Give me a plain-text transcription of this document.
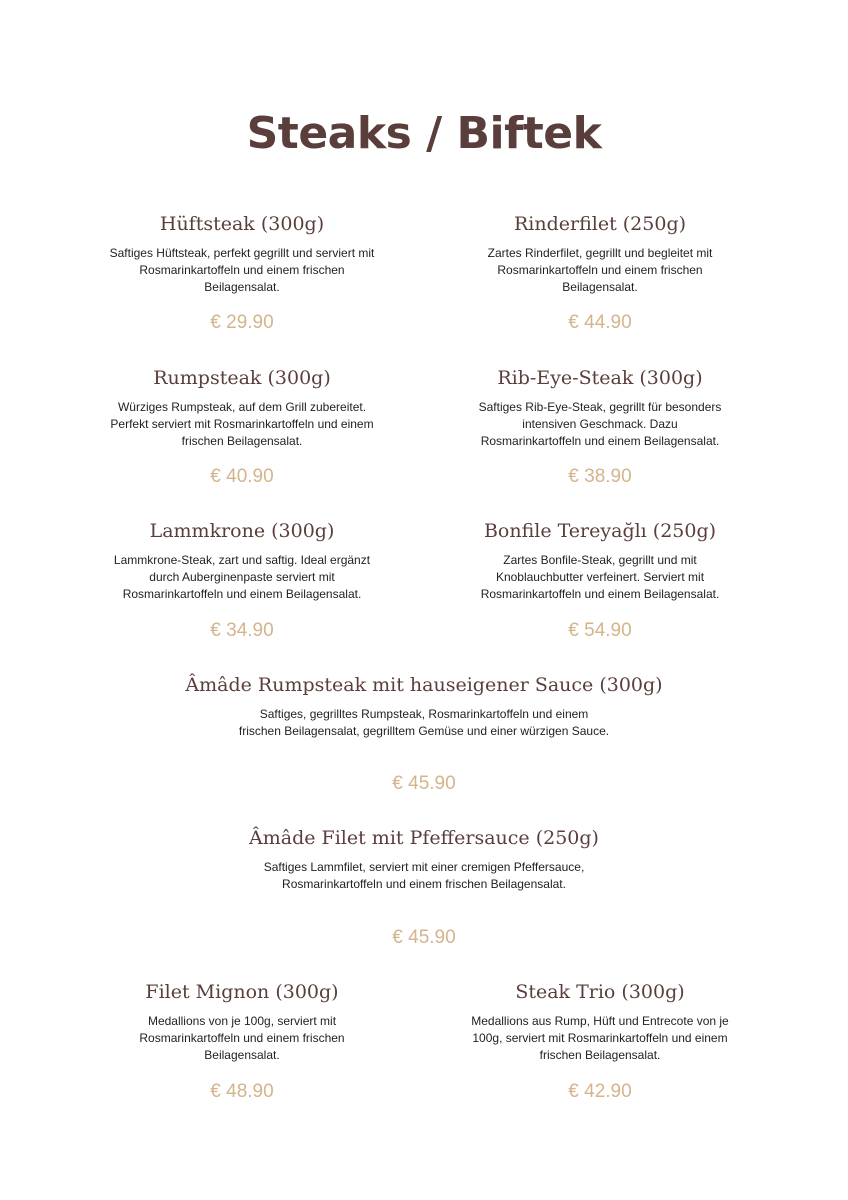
Steaks / Biftek
Hüftsteak (300g)
Saftiges Hüftsteak, perfekt gegrillt und serviert mit
Rosmarinkartoffeln und einem frischen
Beilagensalat.
€ 29.90
Rinderfilet (250g)
Zartes Rinderfilet, gegrillt und begleitet mit
Rosmarinkartoffeln und einem frischen
Beilagensalat.
€ 44.90
Rumpsteak (300g)
Würziges Rumpsteak, auf dem Grill zubereitet.
Perfekt serviert mit Rosmarinkartoffeln und einem
frischen Beilagensalat.
€ 40.90
Rib-Eye-Steak (300g)
Saftiges Rib-Eye-Steak, gegrillt für besonders
intensiven Geschmack. Dazu
Rosmarinkartoffeln und einem Beilagensalat.
€ 38.90
Lammkrone (300g)
Lammkrone-Steak, zart und saftig. Ideal ergänzt
durch Auberginenpaste serviert mit
Rosmarinkartoffeln und einem Beilagensalat.
€ 34.90
Bonfile Tereyağlı (250g)
Zartes Bonfile-Steak, gegrillt und mit
Knoblauchbutter verfeinert. Serviert mit
Rosmarinkartoffeln und einem Beilagensalat.
€ 54.90
Âmâde Rumpsteak mit hauseigener Sauce (300g)
Saftiges, gegrilltes Rumpsteak, Rosmarinkartoffeln und einem
frischen Beilagensalat, gegrilltem Gemüse und einer würzigen Sauce.
€ 45.90
Âmâde Filet mit Pfeffersauce (250g)
Saftiges Lammfilet, serviert mit einer cremigen Pfeffersauce,
Rosmarinkartoffeln und einem frischen Beilagensalat.
€ 45.90
Filet Mignon (300g)
Medallions von je 100g, serviert mit
Rosmarinkartoffeln und einem frischen
Beilagensalat.
€ 48.90
Steak Trio (300g)
Medallions aus Rump, Hüft und Entrecote von je
100g, serviert mit Rosmarinkartoffeln und einem
frischen Beilagensalat.
€ 42.90
